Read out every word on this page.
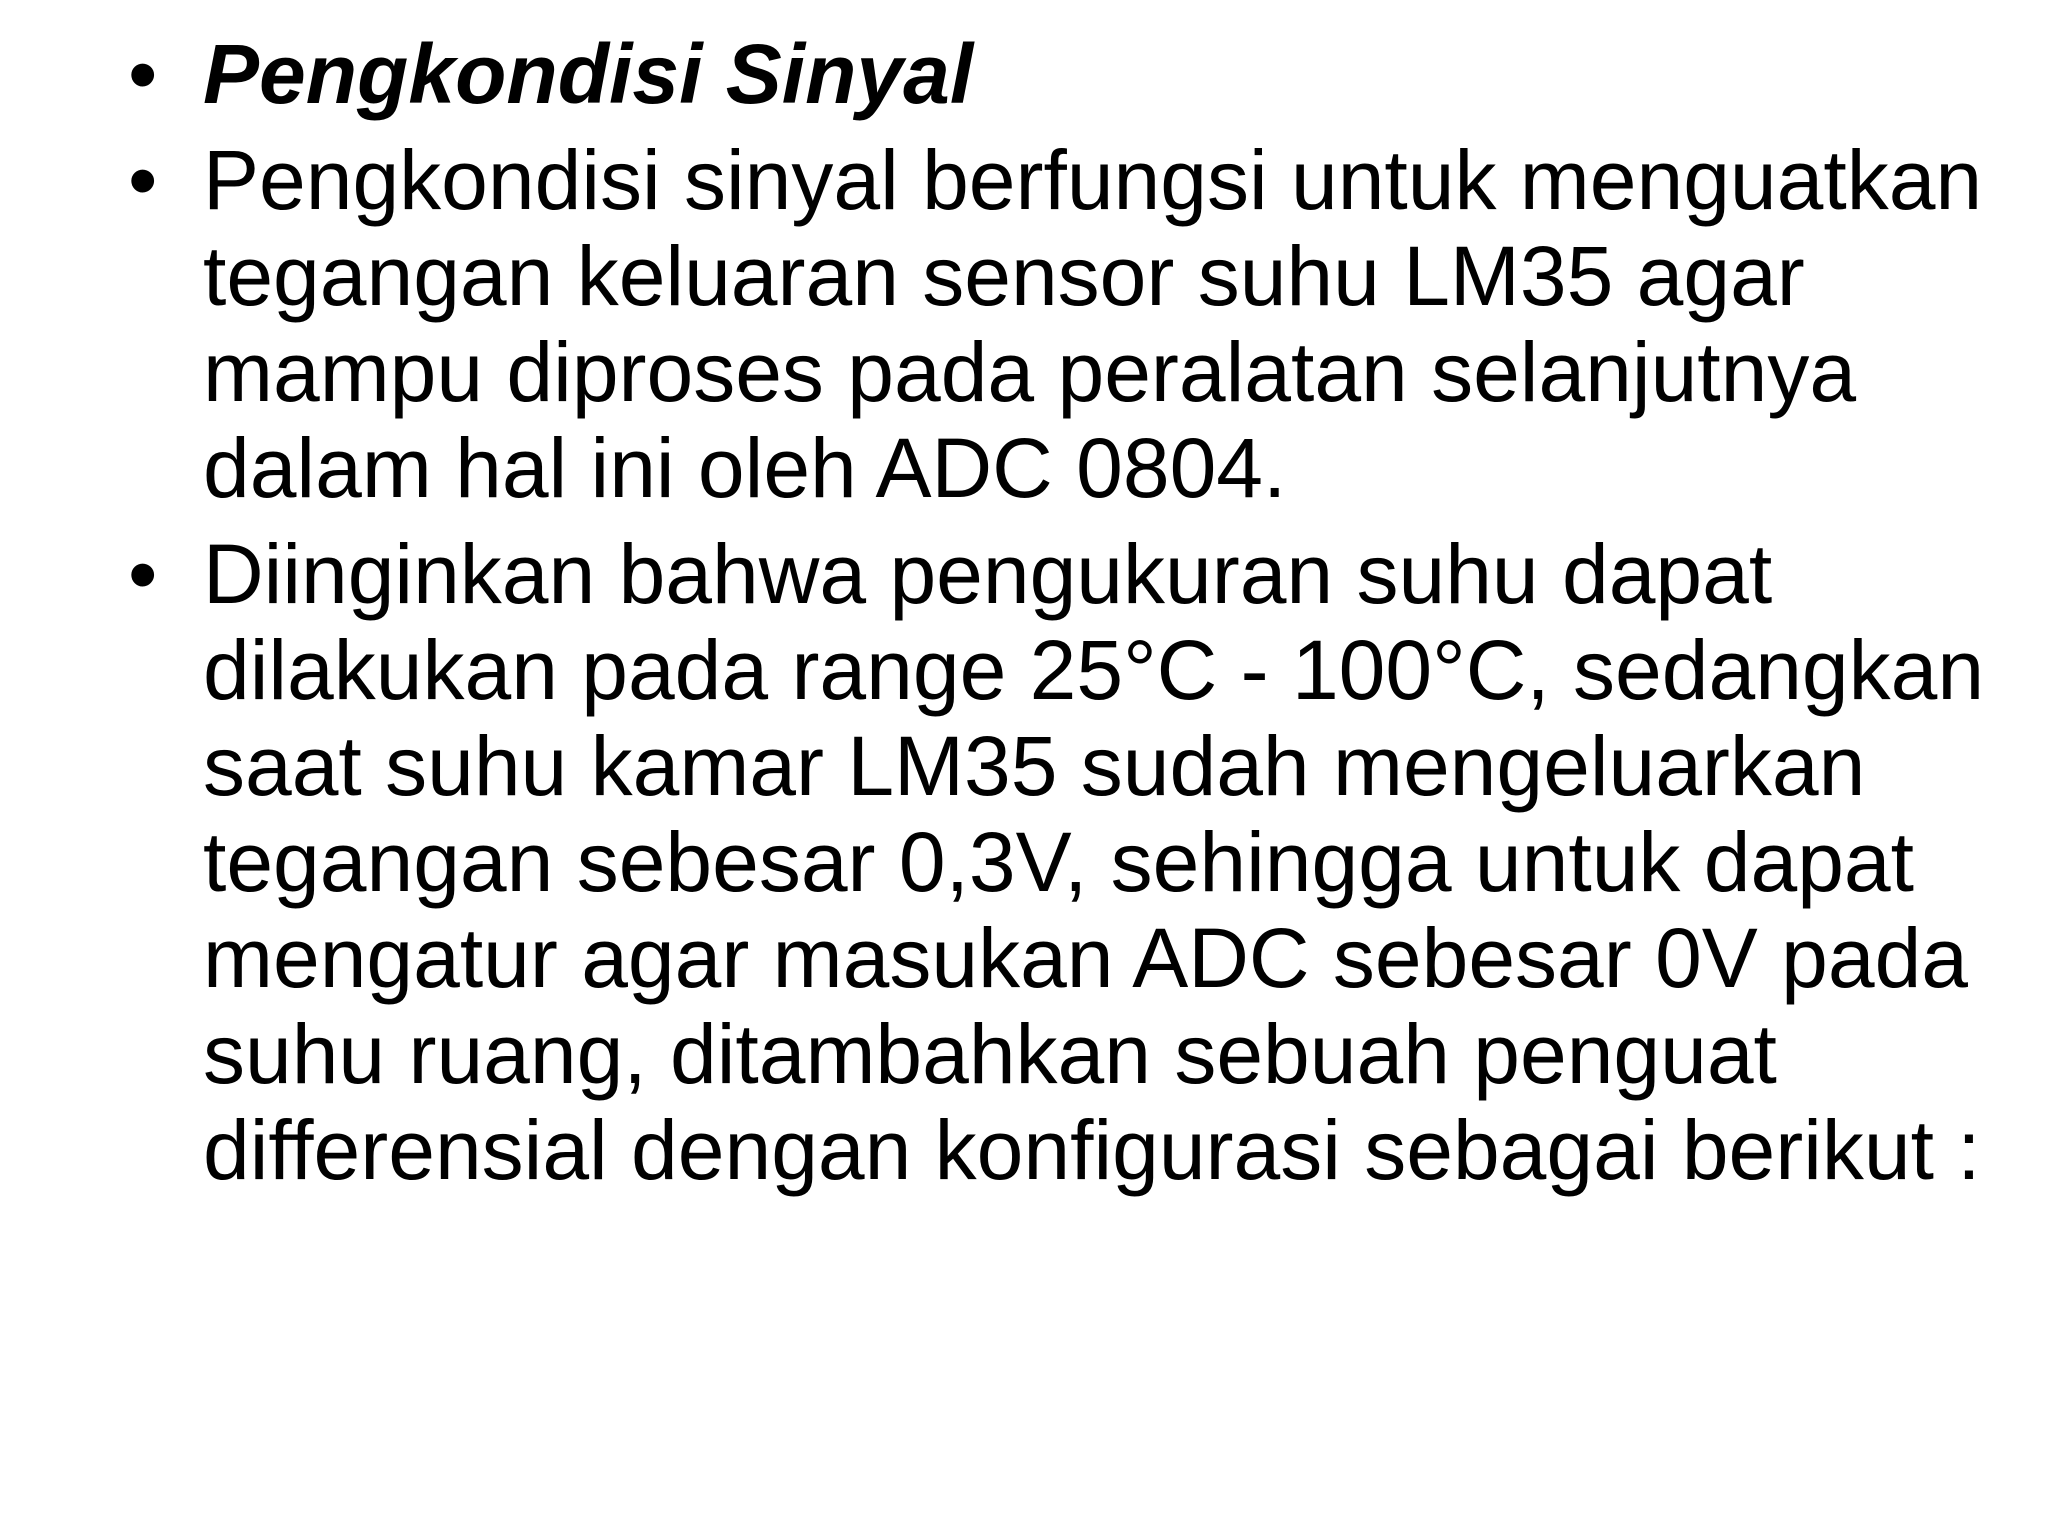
• Pengkondisi Sinyal
• Pengkondisi sinyal berfungsi untuk menguatkan tegangan keluaran sensor suhu LM35 agar mampu diproses pada peralatan selanjutnya dalam hal ini oleh ADC 0804.
• Diinginkan bahwa pengukuran suhu dapat dilakukan pada range 25°C - 100°C, sedangkan saat suhu kamar LM35 sudah mengeluarkan tegangan sebesar 0,3V, sehingga untuk dapat mengatur agar masukan ADC sebesar 0V pada suhu ruang, ditambahkan sebuah penguat differensial dengan konfigurasi sebagai berikut :
